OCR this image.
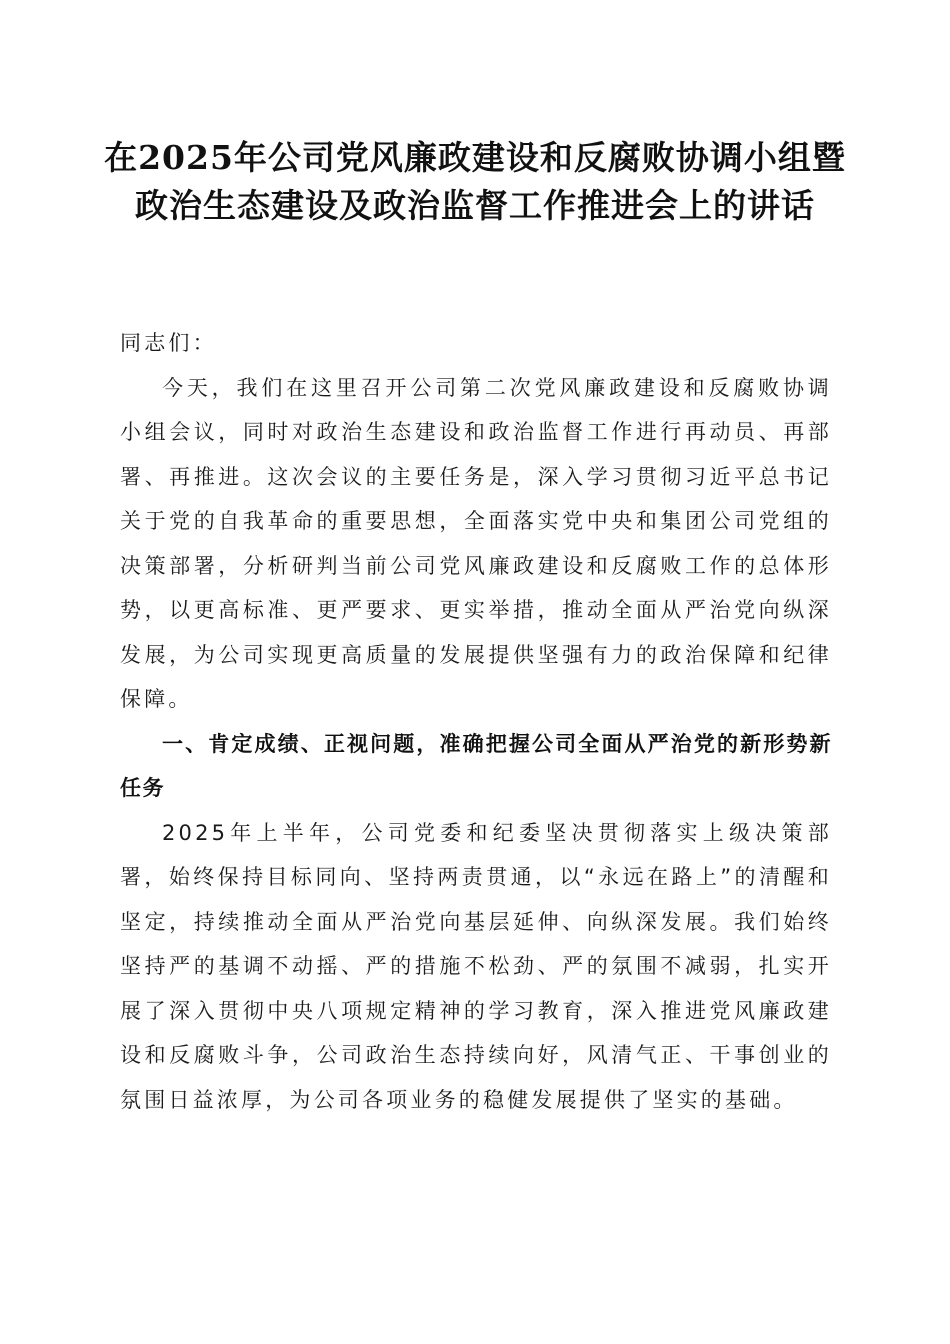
在2025年公司党风廉政建设和反腐败协调小组暨政治生态建设及政治监督工作推进会上的讲话

同志们：

今天，我们在这里召开公司第二次党风廉政建设和反腐败协调小组会议，同时对政治生态建设和政治监督工作进行再动员、再部署、再推进。这次会议的主要任务是，深入学习贯彻习近平总书记关于党的自我革命的重要思想，全面落实党中央和集团公司党组的决策部署，分析研判当前公司党风廉政建设和反腐败工作的总体形势，以更高标准、更严要求、更实举措，推动全面从严治党向纵深发展，为公司实现更高质量的发展提供坚强有力的政治保障和纪律保障。

一、肯定成绩、正视问题，准确把握公司全面从严治党的新形势新任务

2025年上半年，公司党委和纪委坚决贯彻落实上级决策部署，始终保持目标同向、坚持两责贯通，以“永远在路上”的清醒和坚定，持续推动全面从严治党向基层延伸、向纵深发展。我们始终坚持严的基调不动摇、严的措施不松劲、严的氛围不减弱，扎实开展了深入贯彻中央八项规定精神的学习教育，深入推进党风廉政建设和反腐败斗争，公司政治生态持续向好，风清气正、干事创业的氛围日益浓厚，为公司各项业务的稳健发展提供了坚实的基础。
